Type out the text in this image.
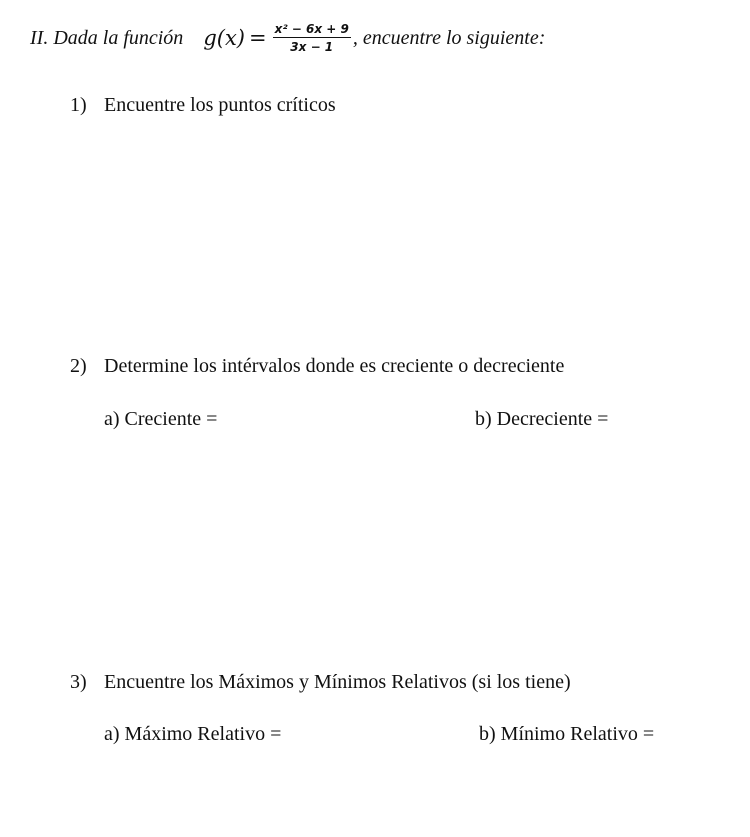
II. Dada la función $g(x) = \frac{\text{x² − 6x + 9}}{3x - 1}$ , encuentre lo siguiente:
1) Encuentre los puntos críticos
2) Determine los intérvalos donde es creciente o decreciente
a) Creciente =	b) Decreciente =
3) Encuentre los Máximos y Mínimos Relativos (si los tiene)
a) Máximo Relativo =	b) Mínimo Relativo =
